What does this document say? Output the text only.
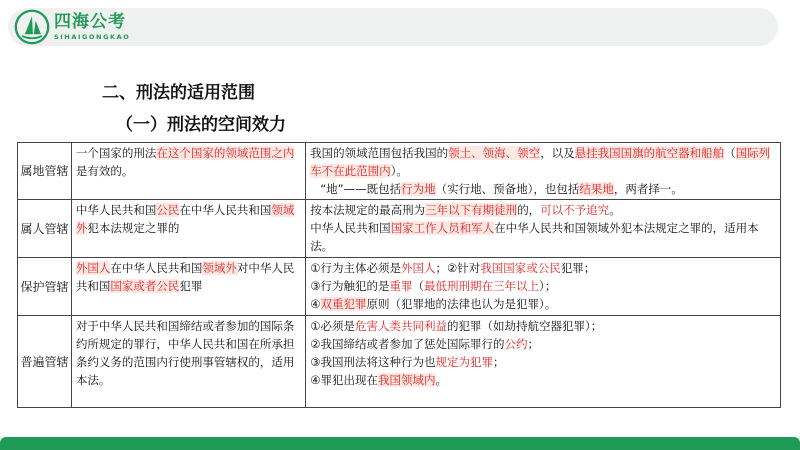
四海公考
SIHAIGONGKAO
二、刑法的适用范围
（一）刑法的空间效力
属地管辖	一个国家的刑法在这个国家的领域范围之内是有效的。	我国的领域范围包括我国的领土、领海、领空，以及悬挂我国国旗的航空器和船舶（国际列车不在此范围内）。
“地”——既包括行为地（实行地、预备地），也包括结果地，两者择一。

属人管辖	中华人民共和国公民在中华人民共和国领域外犯本法规定之罪的	按本法规定的最高刑为三年以下有期徒刑的，可以不予追究。
中华人民共和国国家工作人员和军人在中华人民共和国领域外犯本法规定之罪的，适用本法。

保护管辖	外国人在中华人民共和国领域外对中华人民共和国国家或者公民犯罪	①行为主体必须是外国人；②针对我国国家或公民犯罪；
③行为触犯的是重罪（最低刑刑期在三年以上）；
④双重犯罪原则（犯罪地的法律也认为是犯罪）。

普遍管辖	对于中华人民共和国缔结或者参加的国际条约所规定的罪行，中华人民共和国在所承担条约义务的范围内行使刑事管辖权的，适用本法。	①必须是危害人类共同利益的犯罪（如劫持航空器犯罪）；
②我国缔结或者参加了惩处国际罪行的公约；
③我国刑法将这种行为也规定为犯罪；
④罪犯出现在我国领域内。
